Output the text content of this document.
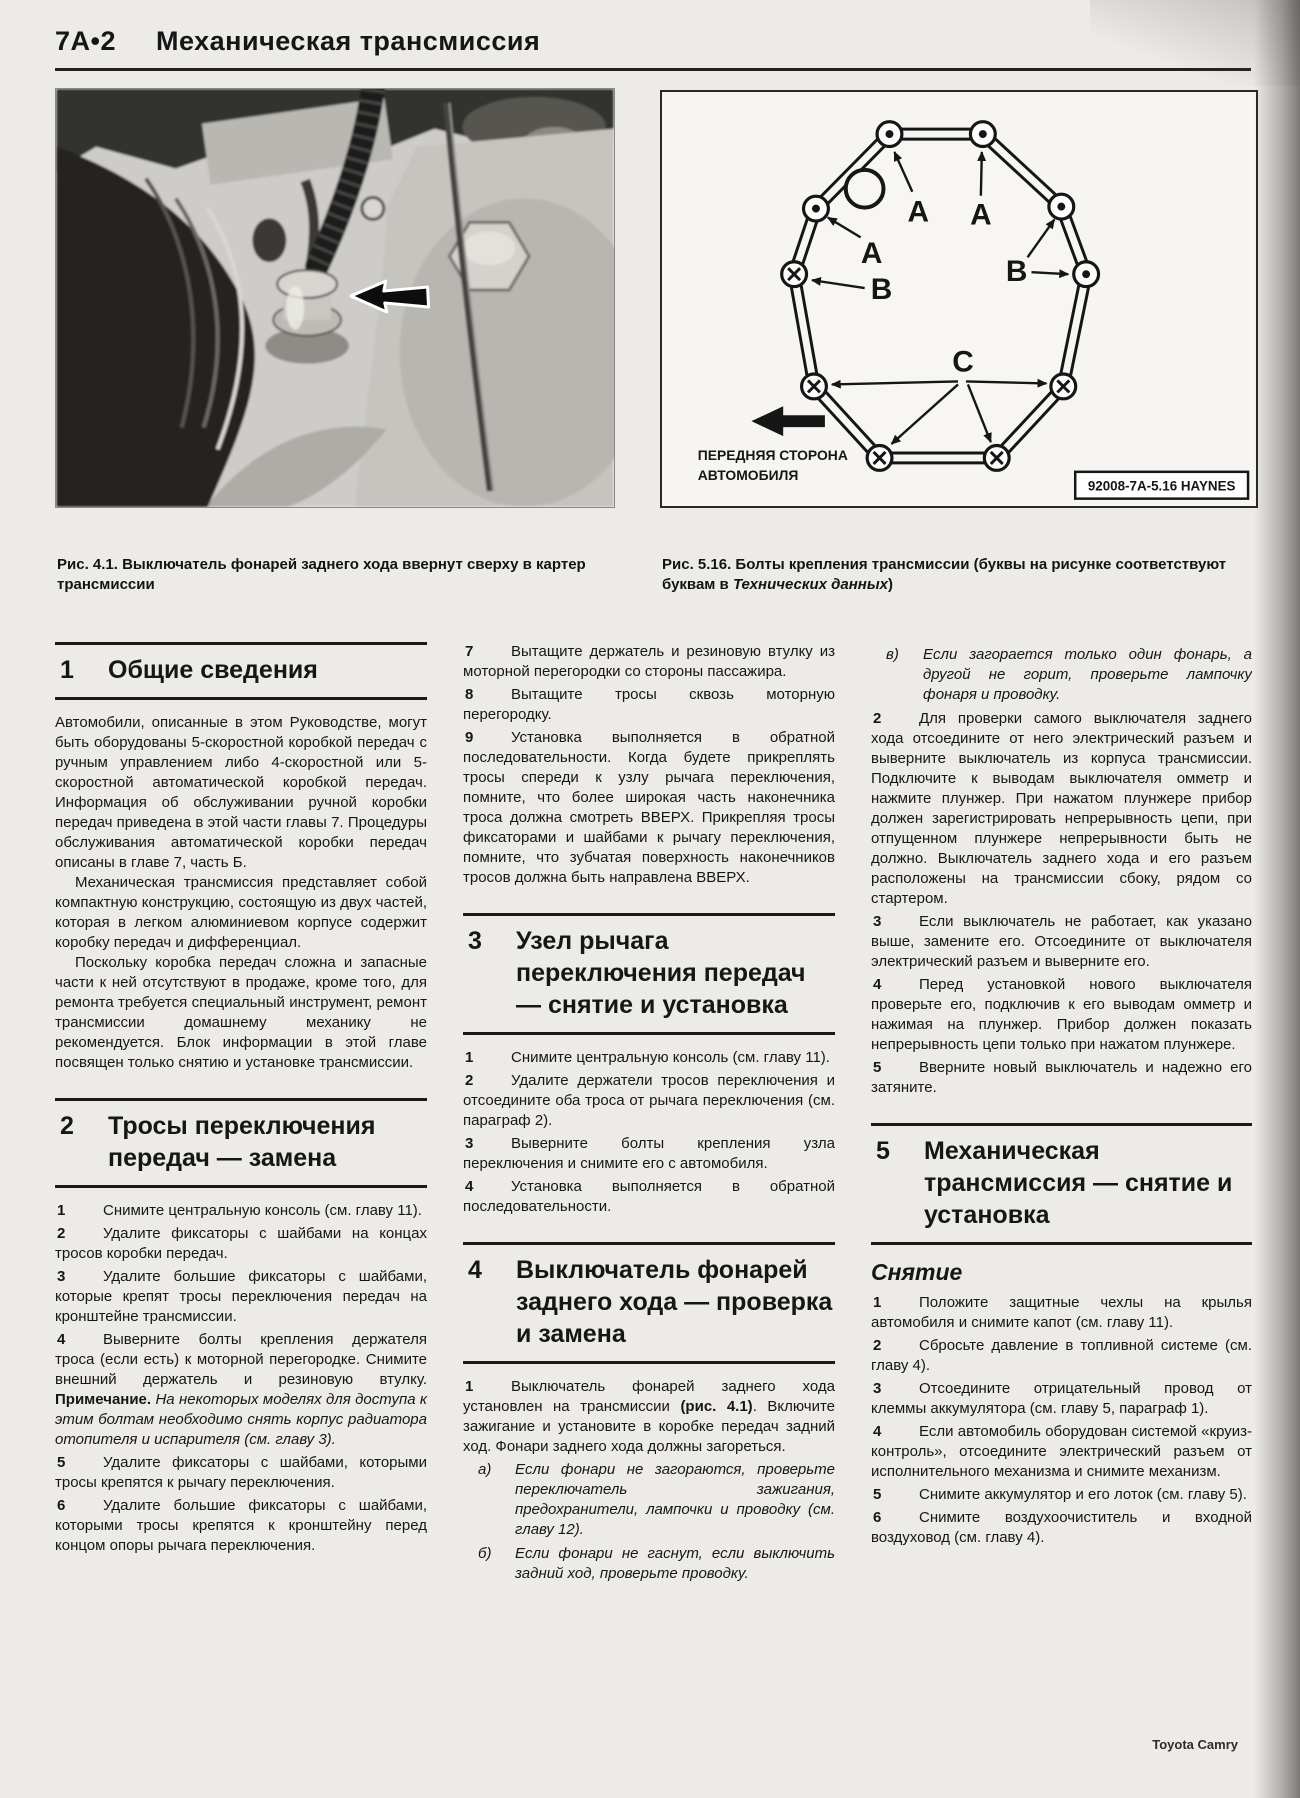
7A•2 Механическая трансмиссия
A A
A
B
B
C
ПЕРЕДНЯЯ СТОРОНА
АВТОМОБИЛЯ
92008-7A-5.16 HAYNES

Рис. 4.1. Выключатель фонарей заднего хода ввернут сверху в картер трансмиссии

Рис. 5.16. Болты крепления трансмиссии (буквы на рисунке соответствуют буквам в Технических данных)

1	Общие сведения

Автомобили, описанные в этом Руководстве, могут быть оборудованы 5-скоростной коробкой передач с ручным управлением либо 4-скоростной или 5-скоростной автоматической коробкой передач. Информация об обслуживании ручной коробки передач приведена в этой части главы 7. Процедуры обслуживания автоматической коробки передач описаны в главе 7, часть Б.

Механическая трансмиссия представляет собой компактную конструкцию, состоящую из двух частей, которая в легком алюминиевом корпусе содержит коробку передач и дифференциал.

Поскольку коробка передач сложна и запасные части к ней отсутствуют в продаже, кроме того, для ремонта требуется специальный инструмент, ремонт трансмиссии домашнему механику не рекомендуется. Блок информации в этой главе посвящен только снятию и установке трансмиссии.

2	Тросы переключения передач — замена

1	Снимите центральную консоль (см. главу 11).

2	Удалите фиксаторы с шайбами на концах тросов коробки передач.

3	Удалите большие фиксаторы с шайбами, которые крепят тросы переключения передач на кронштейне трансмиссии.

4	Выверните болты крепления держателя троса (если есть) к моторной перегородке. Снимите внешний держатель и резиновую втулку. Примечание. На некоторых моделях для доступа к этим болтам необходимо снять корпус радиатора отопителя и испарителя (см. главу 3).

5	Удалите фиксаторы с шайбами, которыми тросы крепятся к рычагу переключения.

6	Удалите большие фиксаторы с шайбами, которыми тросы крепятся к кронштейну перед концом опоры рычага переключения.

7	Вытащите держатель и резиновую втулку из моторной перегородки со стороны пассажира.

8	Вытащите тросы сквозь моторную перегородку.

9	Установка выполняется в обратной последовательности. Когда будете прикреплять тросы спереди к узлу рычага переключения, помните, что более широкая часть наконечника троса должна смотреть ВВЕРХ. Прикрепляя тросы фиксаторами и шайбами к рычагу переключения, помните, что зубчатая поверхность наконечников тросов должна быть направлена ВВЕРХ.

3	Узел рычага переключения передач — снятие и установка

1	Снимите центральную консоль (см. главу 11).

2	Удалите держатели тросов переключения и отсоедините оба троса от рычага переключения (см. параграф 2).

3	Выверните болты крепления узла переключения и снимите его с автомобиля.

4	Установка выполняется в обратной последовательности.

4	Выключатель фонарей заднего хода — проверка и замена

1	Выключатель фонарей заднего хода установлен на трансмиссии (рис. 4.1). Включите зажигание и установите в коробке передач задний ход. Фонари заднего хода должны загореться.

а) Если фонари не загораются, проверьте переключатель зажигания, предохранители, лампочки и проводку (см. главу 12).

б) Если фонари не гаснут, если выключить задний ход, проверьте проводку.

в) Если загорается только один фонарь, а другой не горит, проверьте лампочку фонаря и проводку.

2	Для проверки самого выключателя заднего хода отсоедините от него электрический разъем и выверните выключатель из корпуса трансмиссии. Подключите к выводам выключателя омметр и нажмите плунжер. При нажатом плунжере прибор должен зарегистрировать непрерывность цепи, при отпущенном плунжере непрерывности быть не должно. Выключатель заднего хода и его разъем расположены на трансмиссии сбоку, рядом со стартером.

3	Если выключатель не работает, как указано выше, замените его. Отсоедините от выключателя электрический разъем и выверните его.

4	Перед установкой нового выключателя проверьте его, подключив к его выводам омметр и нажимая на плунжер. Прибор должен показать непрерывность цепи только при нажатом плунжере.

5	Вверните новый выключатель и надежно его затяните.

5	Механическая трансмиссия — снятие и установка
Снятие

1	Положите защитные чехлы на крылья автомобиля и снимите капот (см. главу 11).

2	Сбросьте давление в топливной системе (см. главу 4).

3	Отсоедините отрицательный провод от клеммы аккумулятора (см. главу 5, параграф 1).

4	Если автомобиль оборудован системой «круиз-контроль», отсоедините электрический разъем от исполнительного механизма и снимите механизм.

5	Снимите аккумулятор и его лоток (см. главу 5).

6	Снимите воздухоочиститель и входной воздуховод (см. главу 4).

Toyota Camry
